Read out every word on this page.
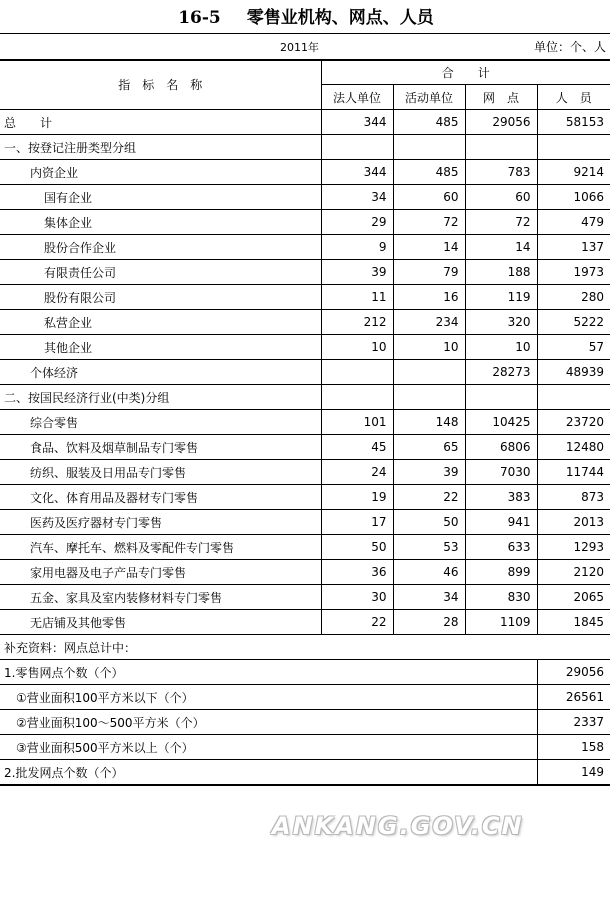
16-5 零售业机构、网点、人员
2011年	单位：个、人
指　标　名　称	合　　计			
	法人单位	活动单位	网　点	人　员
总　　计	344	485	29056	58153
一、按登记注册类型分组				
内资企业	344	485	783	9214
国有企业	34	60	60	1066
集体企业	29	72	72	479
股份合作企业	9	14	14	137
有限责任公司	39	79	188	1973
股份有限公司	11	16	119	280
私营企业	212	234	320	5222
其他企业	10	10	10	57
个体经济			28273	48939
二、按国民经济行业(中类)分组				
综合零售	101	148	10425	23720
食品、饮料及烟草制品专门零售	45	65	6806	12480
纺织、服装及日用品专门零售	24	39	7030	11744
文化、体育用品及器材专门零售	19	22	383	873
医药及医疗器材专门零售	17	50	941	2013
汽车、摩托车、燃料及零配件专门零售	50	53	633	1293
家用电器及电子产品专门零售	36	46	899	2120
五金、家具及室内装修材料专门零售	30	34	830	2065
无店铺及其他零售	22	28	1109	1845
补充资料：网点总计中：				
1.零售网点个数（个）				29056
①营业面积100平方米以下（个）				26561
②营业面积100～500平方米（个）				2337
③营业面积500平方米以上（个）				158
2.批发网点个数（个）				149
ANKANG.GOV.CN
